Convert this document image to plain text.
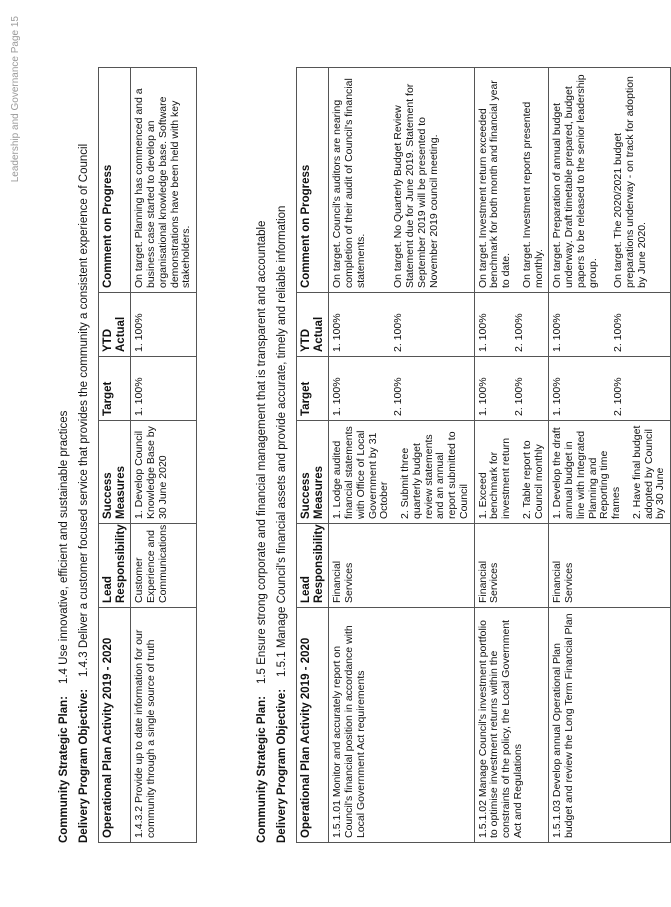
Leadership and Governance Page 15
Community Strategic Plan:1.4 Use innovative, efficient and sustainable practices
Delivery Program Objective:1.4.3 Deliver a customer focused service that provides the community a consistent experience of Council
Operational Plan Activity 2019 - 2020	Lead Responsibility	Success Measures	Target	YTD Actual	Comment on Progress
1.4.3.2 Provide up to date information for our community through a single source of truth	Customer Experience and Communications	1. Develop Council Knowledge Base by 30 June 2020	1. 100%	1. 100%	On target. Planning has commenced and a business case started to develop an organisational knowledge base. Software demonstrations have been held with key stakeholders.
Community Strategic Plan:1.5 Ensure strong corporate and financial management that is transparent and accountable
Delivery Program Objective:1.5.1 Manage Council's financial assets and provide accurate, timely and reliable information
Operational Plan Activity 2019 - 2020	Lead Responsibility	Success Measures	Target	YTD Actual	Comment on Progress
1.5.1.01 Monitor and accurately report on Council's financial position in accordance with Local Government Act requirements	Financial Services	1. Lodge audited financial statements with Office of Local Government by 31 October 2. Submit three quarterly budget review statements and an annual report submitted to Council	1. 100% 2. 100%	1. 100% 2. 100%	On target. Council's auditors are nearing completion of their audit of Council's financial statements. On target. No Quarterly Budget Review Statement due for June 2019. Statement for September 2019 will be presented to November 2019 council meeting.

1.5.1.02 Manage Council's investment portfolio to optimise investment returns within the constraints of the policy, the Local Government Act and Regulations	Financial Services	1. Exceed benchmark for investment return 2. Table report to Council monthly	1. 100% 2. 100%	1. 100% 2. 100%	On target. Investment return exceeded benchmark for both month and financial year to date. On target. Investment reports presented monthly.

1.5.1.03 Develop annual Operational Plan budget and review the Long Term Financial Plan	Financial Services	1. Develop the draft annual budget in line with Integrated Planning and Reporting time frames 2. Have final budget adopted by Council by 30 June	1. 100% 2. 100%	1. 100% 2. 100%	On target. Preparation of annual budget underway. Draft timetable prepared, budget papers to be released to the senior leadership group. On target. The 2020/2021 budget preparations underway - on track for adoption by June 2020.
